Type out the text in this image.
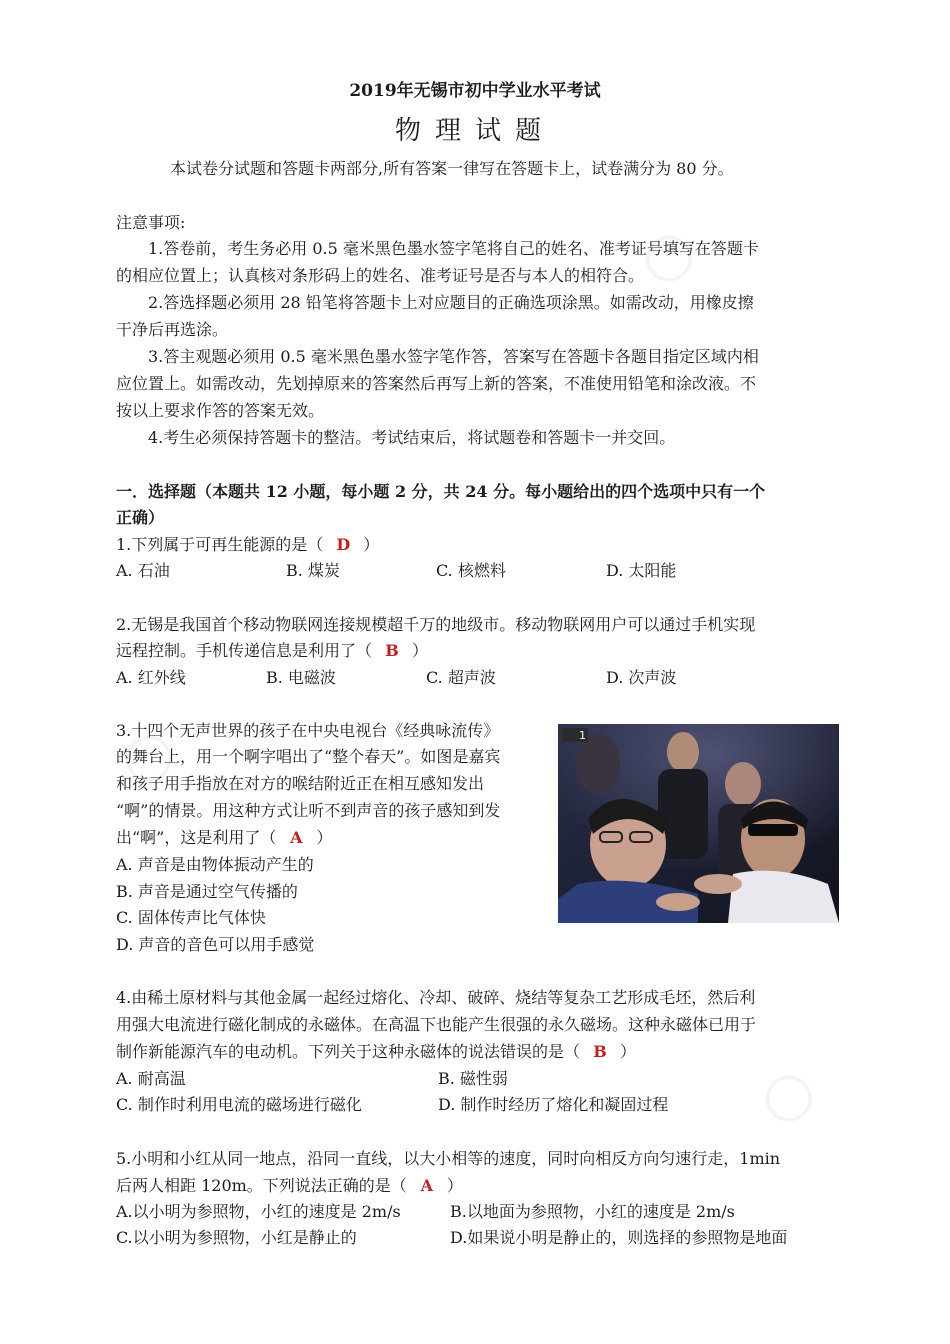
2019年无锡市初中学业水平考试
物理试题
本试卷分试题和答题卡两部分,所有答案一律写在答题卡上，试卷满分为 80 分。
注意事项:
1.答卷前，考生务必用 0.5 毫米黑色墨水签字笔将自己的姓名、准考证号填写在答题卡
的相应位置上；认真核对条形码上的姓名、准考证号是否与本人的相符合。
2.答选择题必须用 28 铅笔将答题卡上对应题目的正确选项涂黑。如需改动，用橡皮擦
干净后再选涂。
3.答主观题必须用 0.5 毫米黑色墨水签字笔作答，答案写在答题卡各题目指定区域内相
应位置上。如需改动，先划掉原来的答案然后再写上新的答案，不准使用铅笔和涂改液。不
按以上要求作答的答案无效。
4.考生必须保持答题卡的整洁。考试结束后，将试题卷和答题卡一并交回。
一．选择题（本题共 12 小题，每小题 2 分，共 24 分。每小题给出的四个选项中只有一个
正确）
1.下列属于可再生能源的是（ D ）
A. 石油	B. 煤炭	C. 核燃料	D. 太阳能
2.无锡是我国首个移动物联网连接规模超千万的地级市。移动物联网用户可以通过手机实现
远程控制。手机传递信息是利用了（ B ）
A. 红外线	B. 电磁波	C. 超声波	D. 次声波
3.十四个无声世界的孩子在中央电视台《经典咏流传》
的舞台上，用一个啊字唱出了“整个春天”。如图是嘉宾
和孩子用手指放在对方的喉结附近正在相互感知发出
“啊”的情景。用这种方式让听不到声音的孩子感知到发
出“啊”，这是利用了（ A ）
A. 声音是由物体振动产生的
B. 声音是通过空气传播的
C. 固体传声比气体快
D. 声音的音色可以用手感觉
1
4.由稀土原材料与其他金属一起经过熔化、冷却、破碎、烧结等复杂工艺形成毛坯，然后利
用强大电流进行磁化制成的永磁体。在高温下也能产生很强的永久磁场。这种永磁体已用于
制作新能源汽车的电动机。下列关于这种永磁体的说法错误的是（ B ）
A. 耐高温	B. 磁性弱
C. 制作时利用电流的磁场进行磁化	D. 制作时经历了熔化和凝固过程
5.小明和小红从同一地点，沿同一直线，以大小相等的速度，同时向相反方向匀速行走，1min
后两人相距 120m。下列说法正确的是（ A ）
A.以小明为参照物，小红的速度是 2m/s	B.以地面为参照物，小红的速度是 2m/s
C.以小明为参照物，小红是静止的	D.如果说小明是静止的，则选择的参照物是地面
